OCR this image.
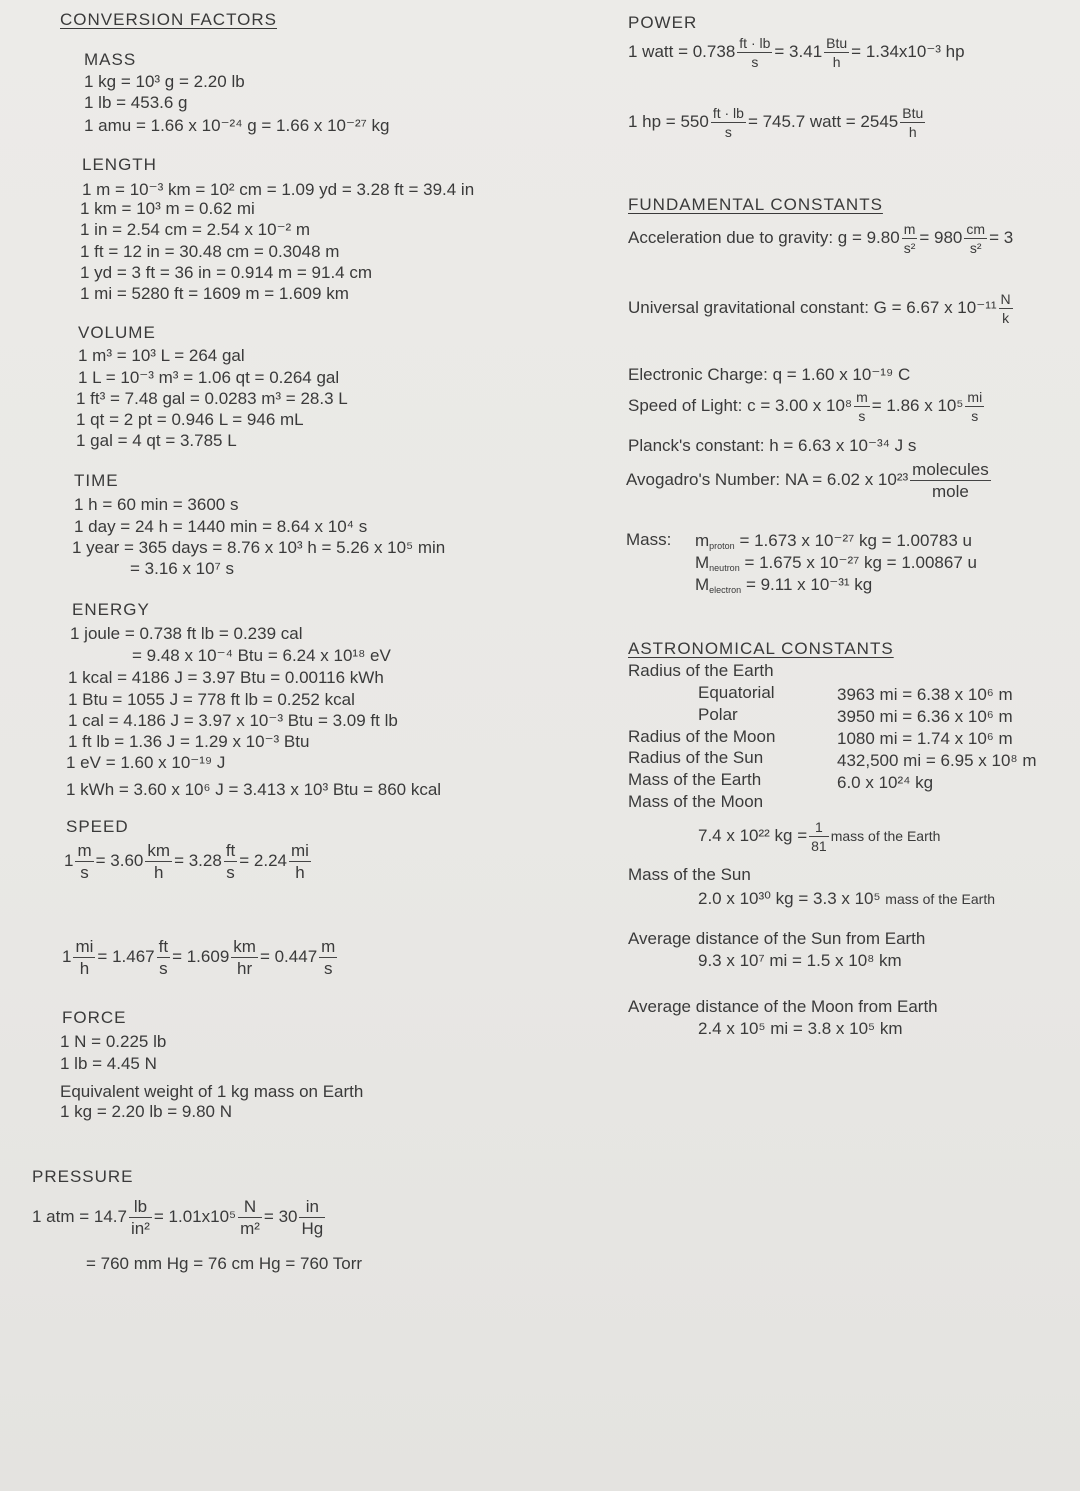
CONVERSION FACTORS
MASS
1 kg = 10³ g = 2.20 lb
1 lb = 453.6 g
1 amu = 1.66 x 10⁻²⁴ g = 1.66 x 10⁻²⁷ kg
LENGTH
1 m = 10⁻³ km = 10² cm = 1.09 yd = 3.28 ft = 39.4 in
1 km = 10³ m = 0.62 mi
1 in = 2.54 cm = 2.54 x 10⁻² m
1 ft = 12 in = 30.48 cm = 0.3048 m
1 yd = 3 ft = 36 in = 0.914 m = 91.4 cm
1 mi = 5280 ft = 1609 m = 1.609 km
VOLUME
1 m³ = 10³ L = 264 gal
1 L = 10⁻³ m³ = 1.06 qt = 0.264 gal
1 ft³ = 7.48 gal = 0.0283 m³ = 28.3 L
1 qt = 2 pt = 0.946 L = 946 mL
1 gal = 4 qt = 3.785 L
TIME
1 h = 60 min = 3600 s
1 day = 24 h = 1440 min = 8.64 x 10⁴ s
1 year = 365 days = 8.76 x 10³ h = 5.26 x 10⁵ min
= 3.16 x 10⁷ s
ENERGY
1 joule = 0.738 ft lb = 0.239 cal
= 9.48 x 10⁻⁴ Btu = 6.24 x 10¹⁸ eV
1 kcal = 4186 J = 3.97 Btu = 0.00116 kWh
1 Btu = 1055 J = 778 ft lb = 0.252 kcal
1 cal = 4.186 J = 3.97 x 10⁻³ Btu = 3.09 ft lb
1 ft lb = 1.36 J = 1.29 x 10⁻³ Btu
1 eV = 1.60 x 10⁻¹⁹ J
1 kWh = 3.60 x 10⁶ J = 3.413 x 10³ Btu = 860 kcal
SPEED
$1 \frac{m}{s} = 3.60 \frac{km}{h} = 3.28 \frac{ft}{s} = 2.24 \frac{mi}{h}$
$1 \frac{mi}{h} = 1.467 \frac{ft}{s} = 1.609 \frac{km}{hr} = 0.447 \frac{m}{s}$
FORCE
1 N = 0.225 lb
1 lb = 4.45 N
Equivalent weight of 1 kg mass on Earth
1 kg = 2.20 lb = 9.80 N
PRESSURE
1 atm = $14.7 \frac{lb}{\text{in²}} = 1.01x10^5 \frac{N}{\text{m²}} = 30 \frac{in}{Hg}$
= 760 mm Hg = 76 cm Hg = 760 Torr
POWER
1 watt = $0.738 \frac{ft \cdot lb}{s} = 3.41 \frac{\text{Btu}}{h} = 1.34x10^{-3}$ hp
1 hp = $550 \frac{ft \cdot lb}{s} = 745.7$ watt = $2545 \frac{\text{Btu}}{h}$
FUNDAMENTAL CONSTANTS
Acceleration due to gravity: $g = 9.80 \frac{m}{\text{s²}} = 980 \frac{cm}{\text{s²}} = 3$
Universal gravitational constant: G = 6.67 x $10^{-11} \frac{N}{k}$
Electronic Charge: q = 1.60 x 10⁻¹⁹ C
Speed of Light: c = 3.00 x $10^8 \frac{m}{s} = 1.86$ x $10^5 \frac{mi}{s}$
Planck's constant: h = 6.63 x 10⁻³⁴ J s
Avogadro's Number: NA = 6.02 x $10^{23} \frac{\text{molecules}}{\text{mole}}$
Mass: $m_{proton} = 1.673$ x 10⁻²⁷ kg = 1.00783 u
$M_{neutron} = 1.675$ x 10⁻²⁷ kg = 1.00867 u
$M_{electron} = 9.11$ x 10⁻³¹ kg
ASTRONOMICAL CONSTANTS
Radius of the Earth
Equatorial	3963 mi = 6.38 x 10⁶ m
Polar	3950 mi = 6.36 x 10⁶ m
Radius of the Moon	1080 mi = 1.74 x 10⁶ m
Radius of the Sun	432,500 mi = 6.95 x 10⁸ m
Mass of the Earth	6.0 x 10²⁴ kg
Mass of the Moon
7.4 x 10²² kg = $\frac{1}{81}$ mass of the Earth
Mass of the Sun
2.0 x 10³⁰ kg = 3.3 x 10⁵ mass of the Earth
Average distance of the Sun from Earth
9.3 x 10⁷ mi = 1.5 x 10⁸ km
Average distance of the Moon from Earth
2.4 x 10⁵ mi = 3.8 x 10⁵ km
